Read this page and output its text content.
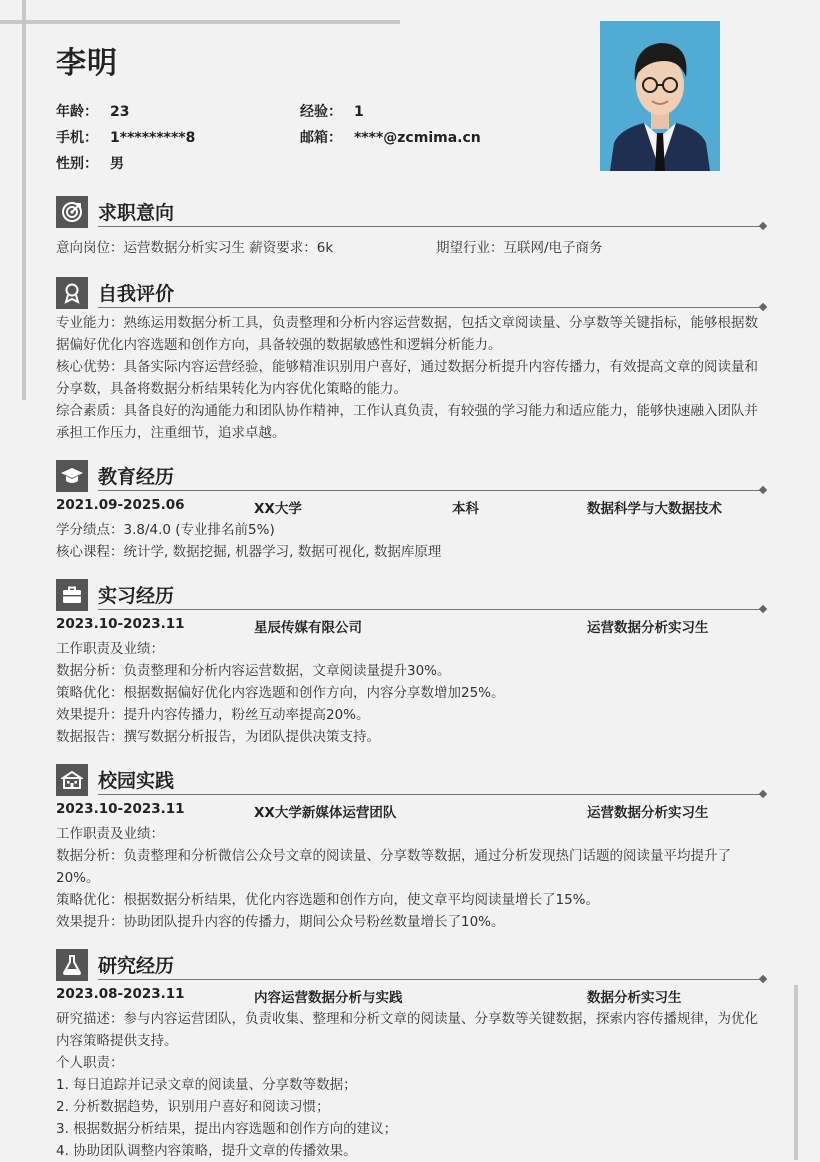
李明
年龄： 23	经验： 1
手机： 1*********8	邮箱： ****@zcmima.cn
性别： 男
求职意向
意向岗位：运营数据分析实习生 薪资要求：6k	期望行业：互联网/电子商务
自我评价
专业能力：熟练运用数据分析工具，负责整理和分析内容运营数据，包括文章阅读量、分享数等关键指标，能够根据数据偏好优化内容选题和创作方向，具备较强的数据敏感性和逻辑分析能力。
核心优势：具备实际内容运营经验，能够精准识别用户喜好，通过数据分析提升内容传播力，有效提高文章的阅读量和分享数，具备将数据分析结果转化为内容优化策略的能力。
综合素质：具备良好的沟通能力和团队协作精神，工作认真负责，有较强的学习能力和适应能力，能够快速融入团队并承担工作压力，注重细节，追求卓越。
教育经历
2021.09-2025.06	XX大学	本科	数据科学与大数据技术
学分绩点：3.8/4.0 (专业排名前5%)
核心课程：统计学, 数据挖掘, 机器学习, 数据可视化, 数据库原理
实习经历
2023.10-2023.11	星辰传媒有限公司	运营数据分析实习生
工作职责及业绩：
数据分析：负责整理和分析内容运营数据，文章阅读量提升30%。
策略优化：根据数据偏好优化内容选题和创作方向，内容分享数增加25%。
效果提升：提升内容传播力，粉丝互动率提高20%。
数据报告：撰写数据分析报告，为团队提供决策支持。
校园实践
2023.10-2023.11	XX大学新媒体运营团队	运营数据分析实习生
工作职责及业绩：
数据分析：负责整理和分析微信公众号文章的阅读量、分享数等数据，通过分析发现热门话题的阅读量平均提升了20%。
策略优化：根据数据分析结果，优化内容选题和创作方向，使文章平均阅读量增长了15%。
效果提升：协助团队提升内容的传播力，期间公众号粉丝数量增长了10%。
研究经历
2023.08-2023.11	内容运营数据分析与实践	数据分析实习生
研究描述：参与内容运营团队，负责收集、整理和分析文章的阅读量、分享数等关键数据，探索内容传播规律，为优化内容策略提供支持。
个人职责：
1. 每日追踪并记录文章的阅读量、分享数等数据；
2. 分析数据趋势，识别用户喜好和阅读习惯；
3. 根据数据分析结果，提出内容选题和创作方向的建议；
4. 协助团队调整内容策略，提升文章的传播效果。
